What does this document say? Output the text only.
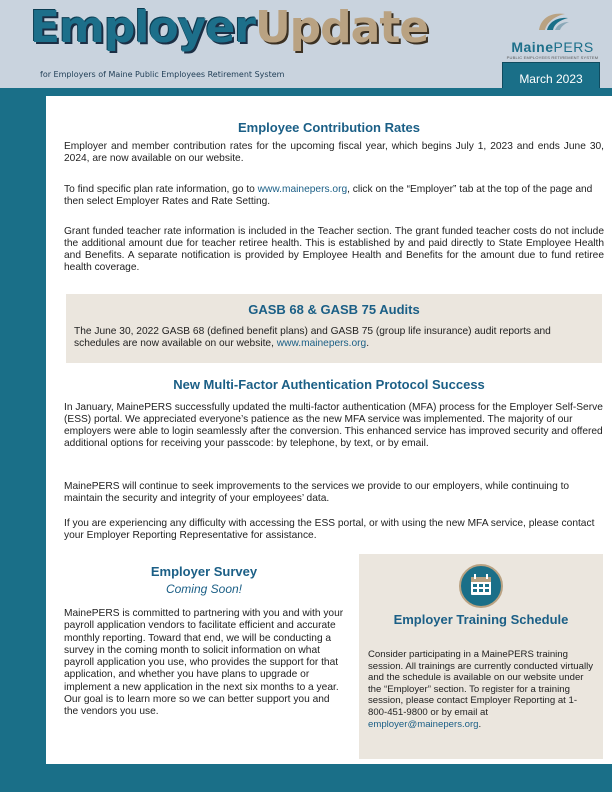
EmployerUpdate
for Employers of Maine Public Employees Retirement System
MainePERS
PUBLIC EMPLOYEES RETIREMENT SYSTEM
March 2023
Employee Contribution Rates
Employer and member contribution rates for the upcoming fiscal year, which begins July 1, 2023 and ends June 30, 2024, are now available on our website.
To find specific plan rate information, go to www.mainepers.org, click on the “Employer” tab at the top of the page and then select Employer Rates and Rate Setting.
Grant funded teacher rate information is included in the Teacher section. The grant funded teacher costs do not include the additional amount due for teacher retiree health. This is established by and paid directly to State Employee Health and Benefits. A separate notification is provided by Employee Health and Benefits for the amount due to fund retiree health coverage.
GASB 68 & GASB 75 Audits
The June 30, 2022 GASB 68 (defined benefit plans) and GASB 75 (group life insurance) audit reports and schedules are now available on our website, www.mainepers.org.
New Multi-Factor Authentication Protocol Success
In January, MainePERS successfully updated the multi-factor authentication (MFA) process for the Employer Self-Serve (ESS) portal. We appreciated everyone’s patience as the new MFA service was implemented. The majority of our employers were able to login seamlessly after the conversion. This enhanced service has improved security and offered additional options for receiving your passcode: by telephone, by text, or by email.
MainePERS will continue to seek improvements to the services we provide to our employers, while continuing to maintain the security and integrity of your employees’ data.
If you are experiencing any difficulty with accessing the ESS portal, or with using the new MFA service, please contact your Employer Reporting Representative for assistance.
Employer Survey
Coming Soon!
MainePERS is committed to partnering with you and with your payroll application vendors to facilitate efficient and accurate monthly reporting. Toward that end, we will be conducting a survey in the coming month to solicit information on what payroll application you use, who provides the support for that application, and whether you have plans to upgrade or implement a new application in the next six months to a year. Our goal is to learn more so we can better support you and the vendors you use.
Employer Training Schedule
Consider participating in a MainePERS training session. All trainings are currently conducted virtually and the schedule is available on our website under the “Employer” section. To register for a training session, please contact Employer Reporting at 1-800-451-9800 or by email at employer@mainepers.org.
